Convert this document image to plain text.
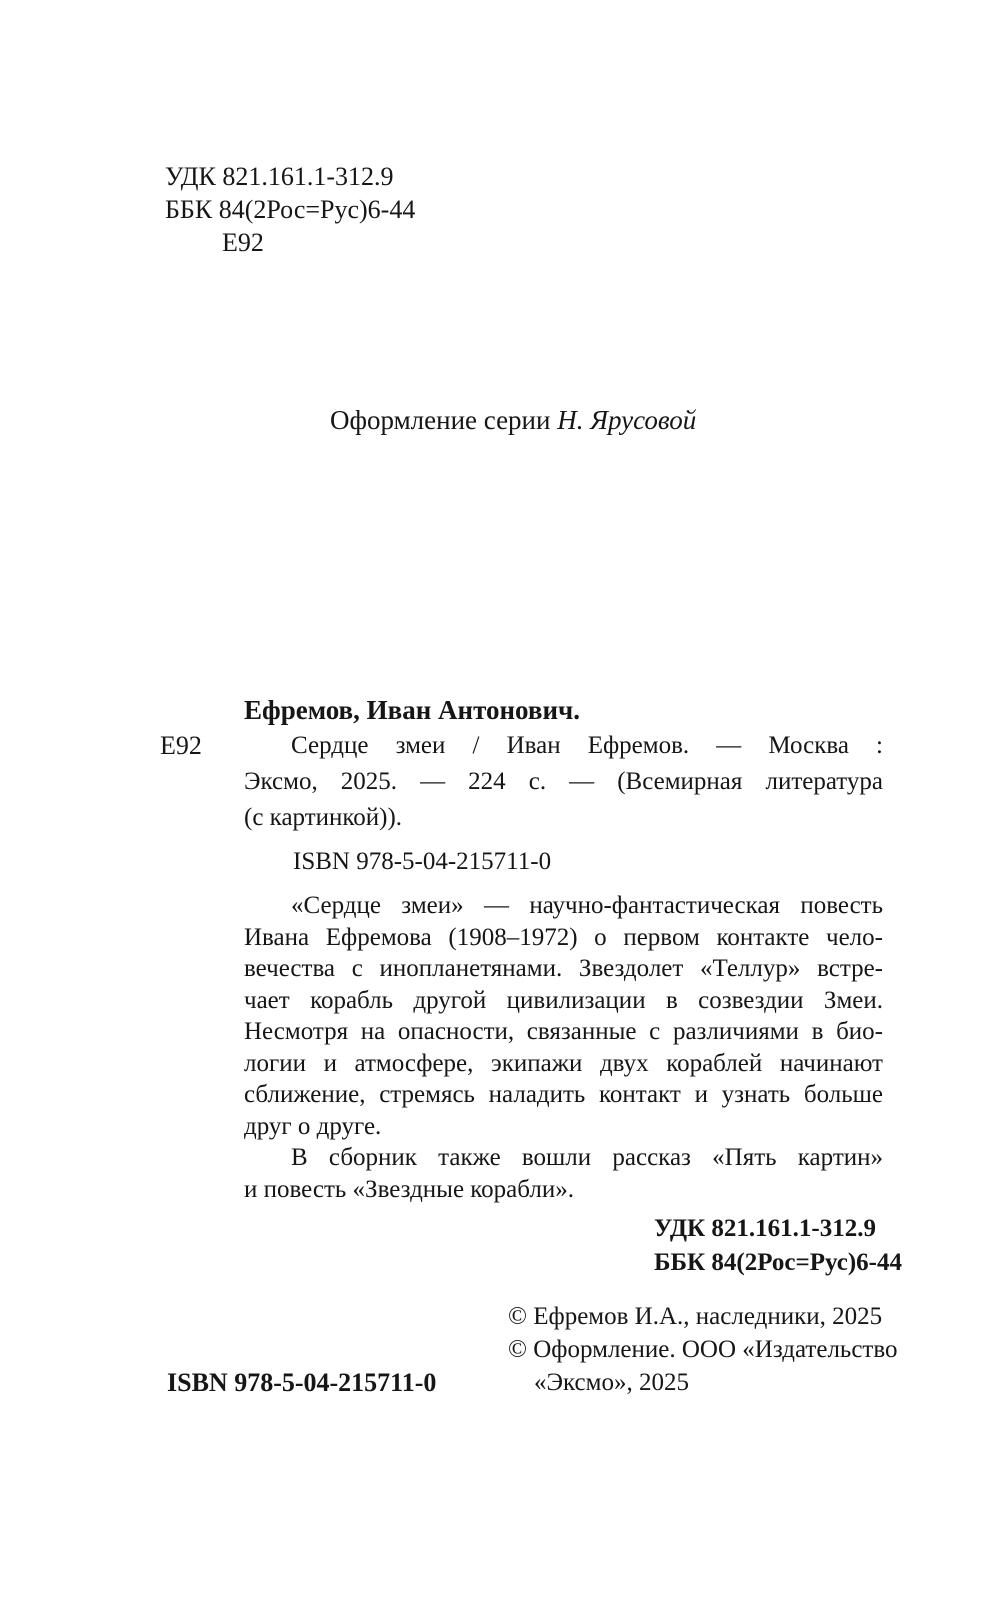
УДК 821.161.1-312.9
ББК 84(2Рос=Рус)6-44
Е92
Оформление серии Н. Ярусовой
Е92
Ефремов, Иван Антонович.
Сердце змеи / Иван Ефремов. — Москва :
Эксмо, 2025. — 224 с. — (Всемирная литература
(с картинкой)).
ISBN 978-5-04-215711-0
«Сердце змеи» — научно-фантастическая повесть
Ивана Ефремова (1908–1972) о первом контакте чело-
вечества с инопланетянами. Звездолет «Теллур» встре-
чает корабль другой цивилизации в созвездии Змеи.
Несмотря на опасности, связанные с различиями в био-
логии и атмосфере, экипажи двух кораблей начинают
сближение, стремясь наладить контакт и узнать больше
друг о друге.
В сборник также вошли рассказ «Пять картин»
и повесть «Звездные корабли».
УДК 821.161.1-312.9
ББК 84(2Рос=Рус)6-44
© Ефремов И.А., наследники, 2025
© Оформление. ООО «Издательство
«Эксмо», 2025
ISBN 978-5-04-215711-0
